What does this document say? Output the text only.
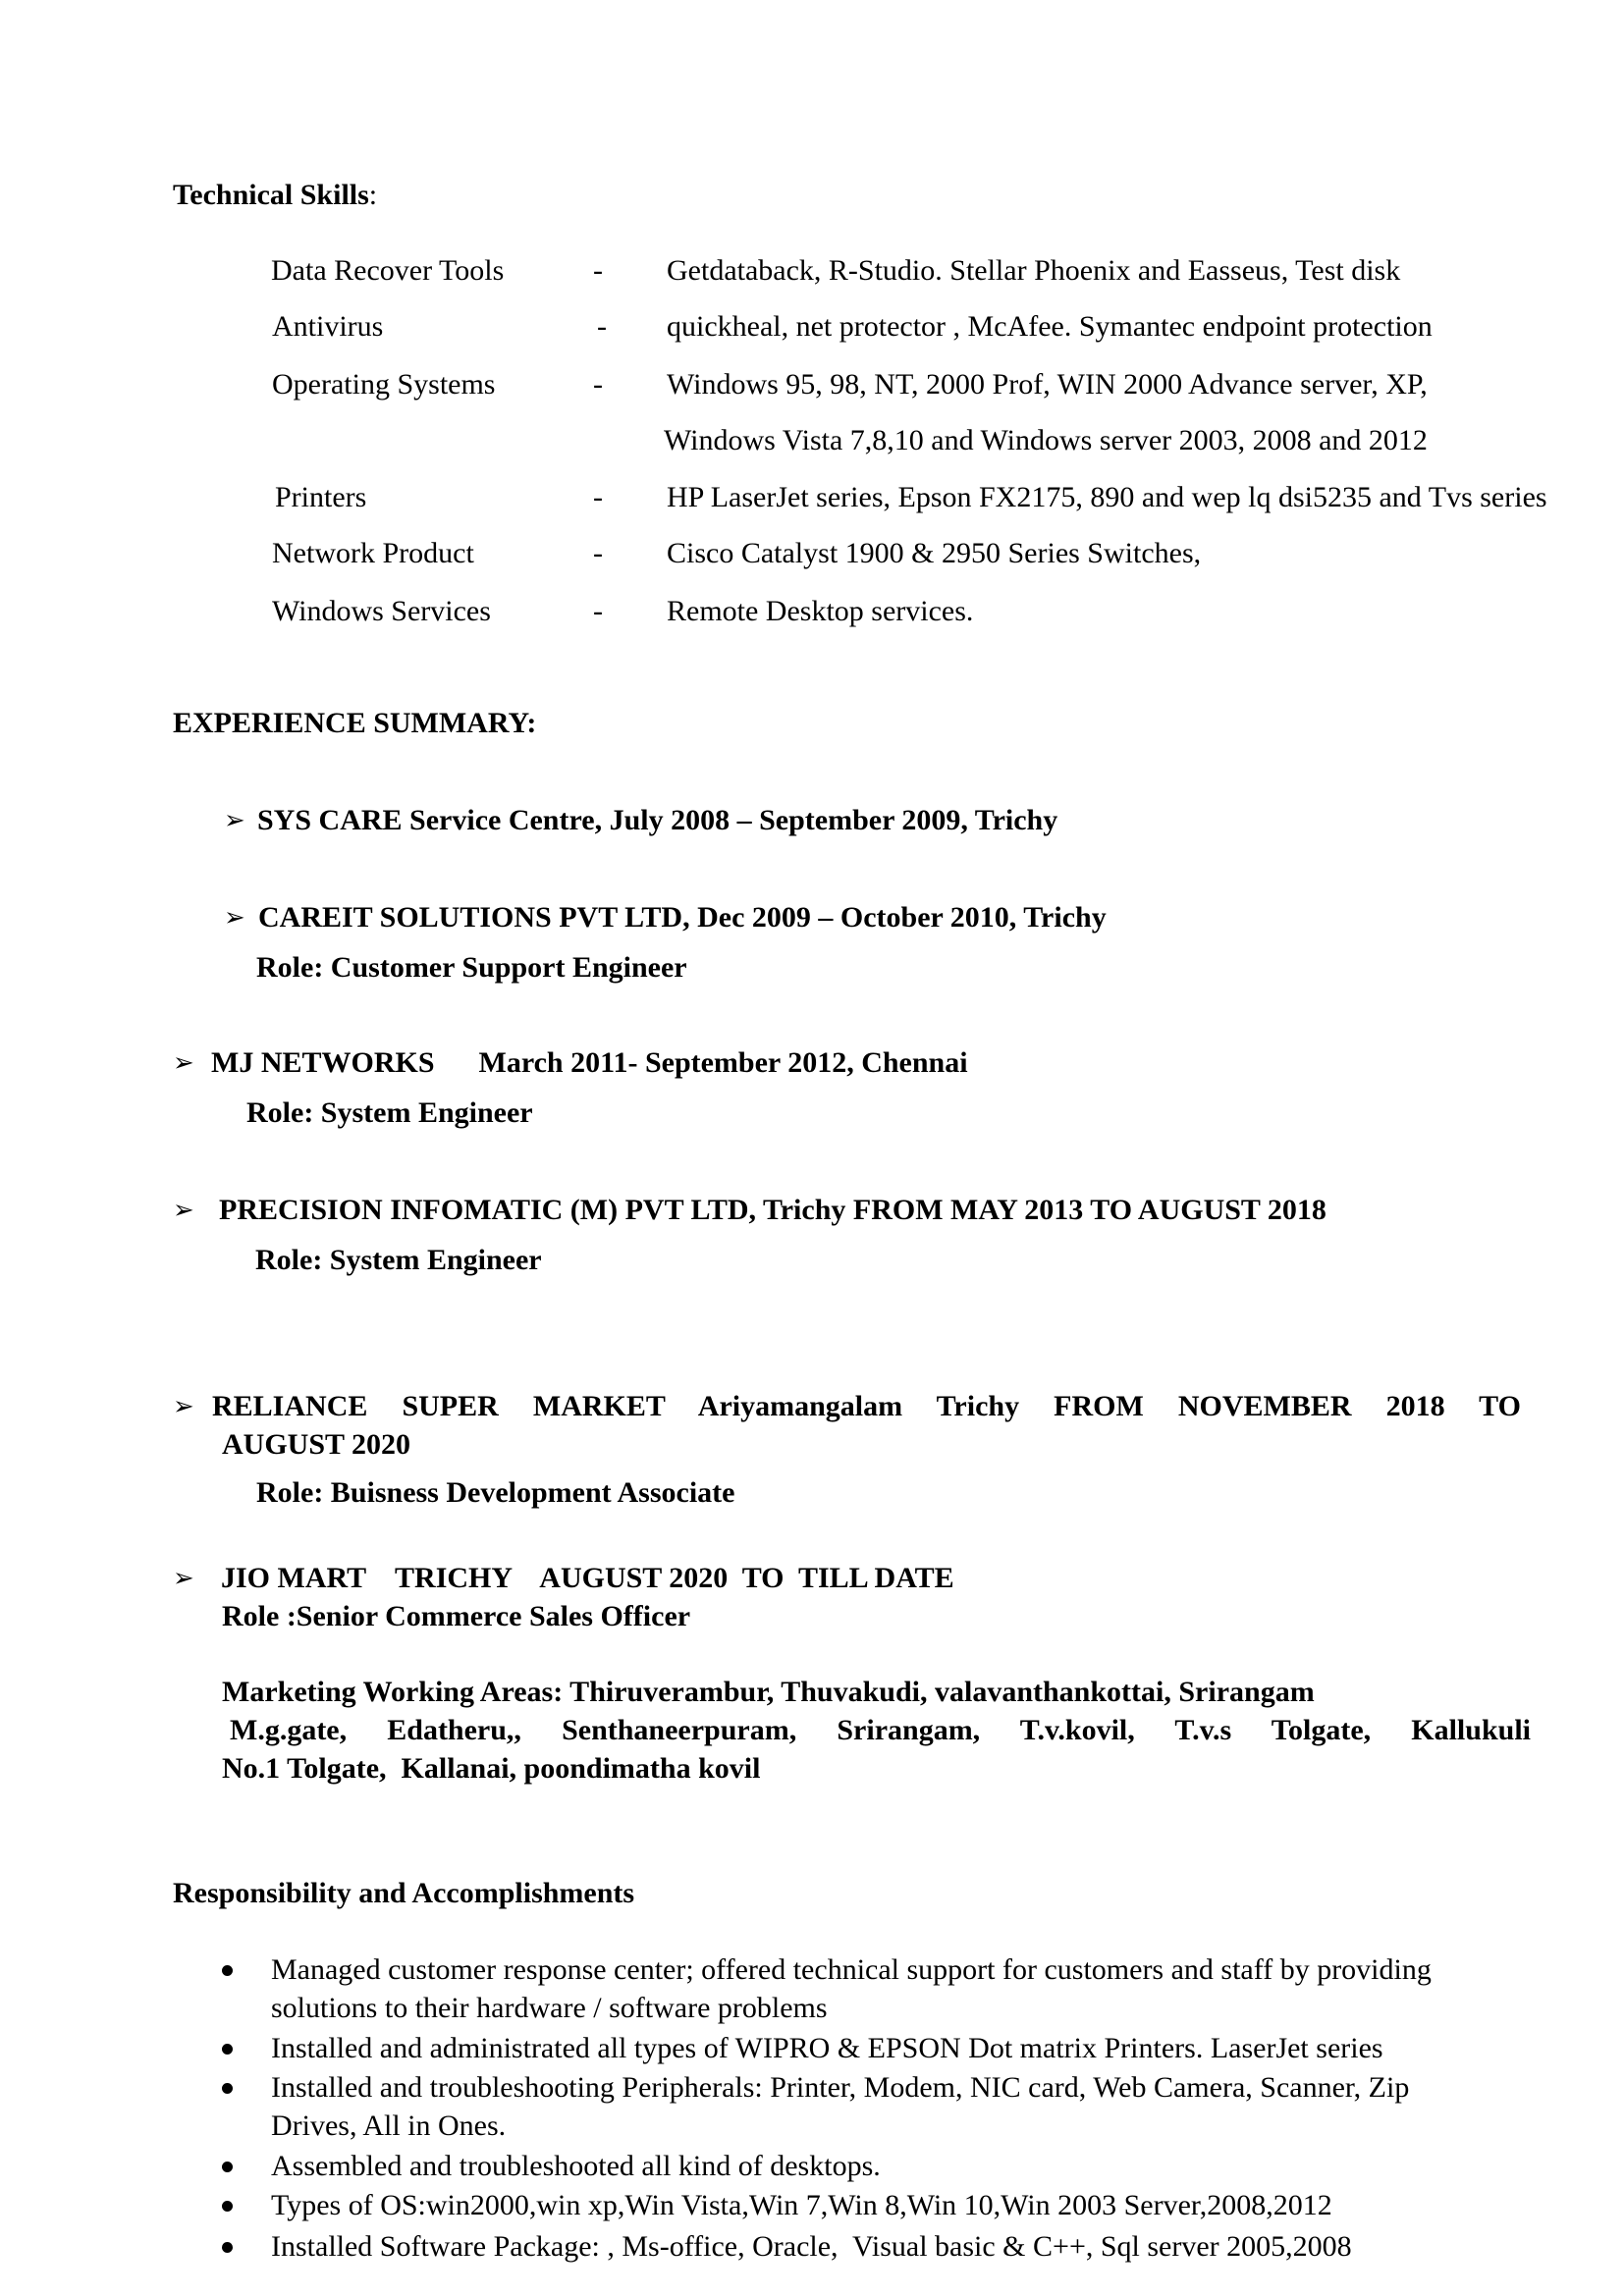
Technical Skills:
Data Recover Tools	- Getdataback, R-Studio. Stellar Phoenix and Easseus, Test disk
Antivirus	- quickheal, net protector , McAfee. Symantec endpoint protection
Operating Systems	- Windows 95, 98, NT, 2000 Prof, WIN 2000 Advance server, XP,
Windows Vista 7,8,10 and Windows server 2003, 2008 and 2012
Printers	- HP LaserJet series, Epson FX2175, 890 and wep lq dsi5235 and Tvs series
Network Product	- Cisco Catalyst 1900 & 2950 Series Switches,
Windows Services	- Remote Desktop services.
EXPERIENCE SUMMARY:
➢ SYS CARE Service Centre, July 2008 – September 2009, Trichy
➢ CAREIT SOLUTIONS PVT LTD, Dec 2009 – October 2010, Trichy
Role: Customer Support Engineer
➢ MJ NETWORKS      March 2011- September 2012, Chennai
Role: System Engineer
➢ PRECISION INFOMATIC (M) PVT LTD, Trichy FROM MAY 2013 TO AUGUST 2018
Role: System Engineer
➢ RELIANCE SUPER MARKET Ariyamangalam Trichy FROM NOVEMBER 2018 TO
AUGUST 2020
Role: Buisness Development Associate
➢ JIO MART    TRICHY    AUGUST 2020  TO  TILL DATE
Role :Senior Commerce Sales Officer
Marketing Working Areas: Thiruverambur, Thuvakudi, valavanthankottai, Srirangam
M.g.gate, Edatheru,, Senthaneerpuram, Srirangam, T.v.kovil, T.v.s Tolgate, Kallukuli
No.1 Tolgate,  Kallanai, poondimatha kovil
Responsibility and Accomplishments
Managed customer response center; offered technical support for customers and staff by providing
solutions to their hardware / software problems
Installed and administrated all types of WIPRO & EPSON Dot matrix Printers. LaserJet series
Installed and troubleshooting Peripherals: Printer, Modem, NIC card, Web Camera, Scanner, Zip
Drives, All in Ones.
Assembled and troubleshooted all kind of desktops.
Types of OS:win2000,win xp,Win Vista,Win 7,Win 8,Win 10,Win 2003 Server,2008,2012
Installed Software Package: , Ms-office, Oracle,  Visual basic & C++, Sql server 2005,2008
